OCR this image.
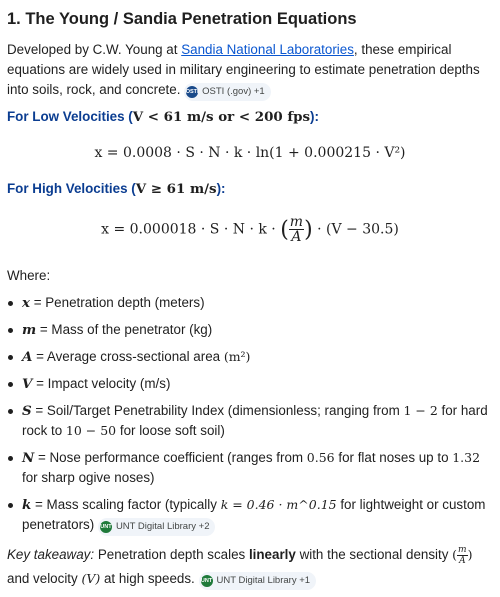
1. The Young / Sandia Penetration Equations

Developed by C.W. Young at Sandia National Laboratories, these empirical equations are widely used in military engineering to estimate penetration depths into soils, rock, and concrete. OSTI OSTI (.gov) +1

For Low Velocities (V < 61 m/s or < 200 fps):
x = 0.0008 · S · N · k · ln(1 + 0.000215 · V²)
For High Velocities (V ≥ 61 m/s):
x = 0.000018 · S · N · k · ( $\frac{m}{A}$ ) · (V − 30.5)

Where:

x = Penetration depth (meters)
m = Mass of the penetrator (kg)
A = Average cross-sectional area (m²)
V = Impact velocity (m/s)
S = Soil/Target Penetrability Index (dimensionless; ranging from 1 − 2 for hard rock to 10 − 50 for loose soft soil)
N = Nose performance coefficient (ranges from 0.56 for flat noses up to 1.32 for sharp ogive noses)
k = Mass scaling factor (typically k = 0.46 · m^0.15 for lightweight or custom penetrators) UNT UNT Digital Library +2

Key takeaway: Penetration depth scales linearly with the sectional density ( $\frac{m}{A}$ ) and velocity (V) at high speeds. UNT UNT Digital Library +1
